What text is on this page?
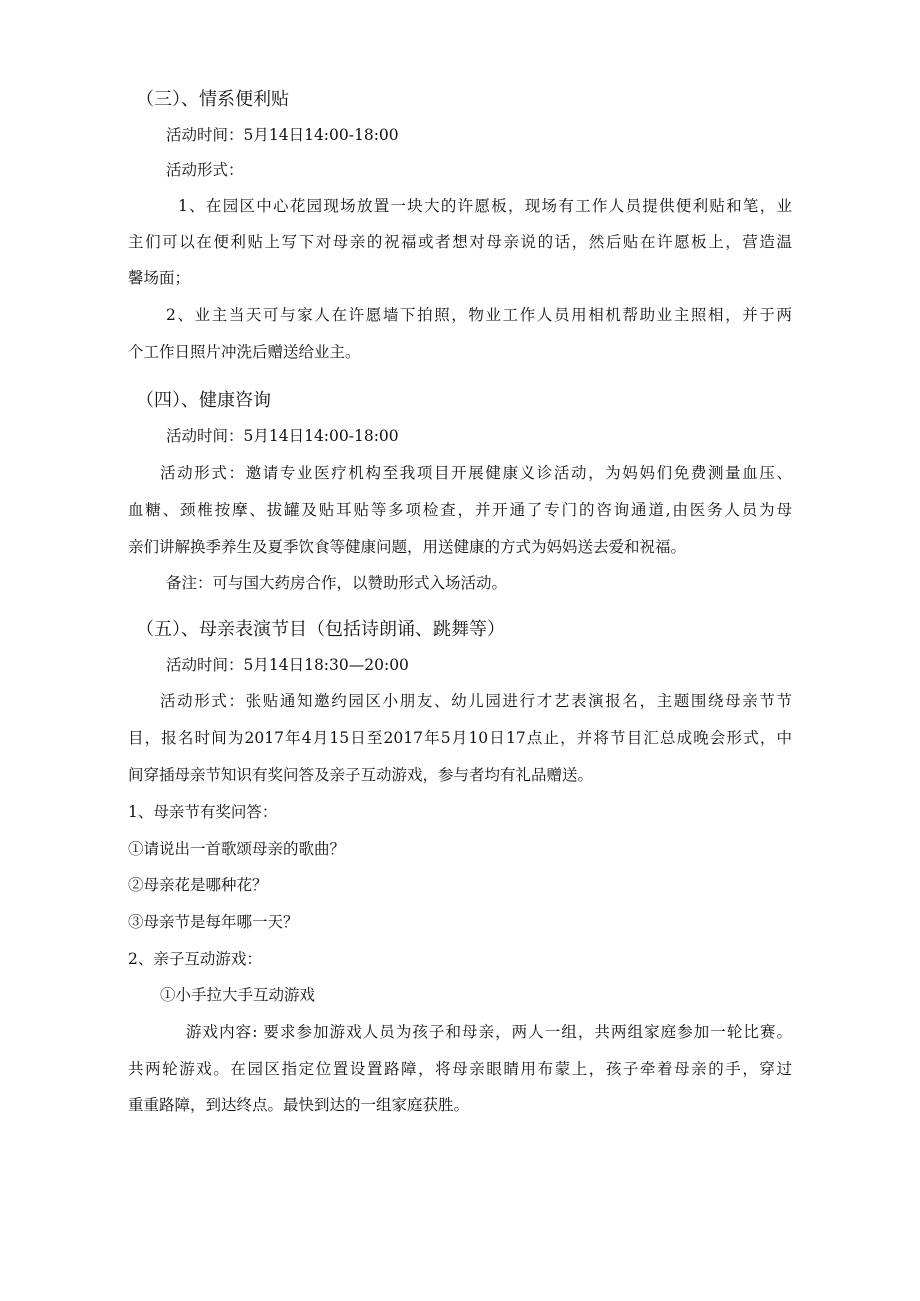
（三）、情系便利贴
活动时间：5月14日14:00-18:00
活动形式：
1、在园区中心花园现场放置一块大的许愿板，现场有工作人员提供便利贴和笔，业
主们可以在便利贴上写下对母亲的祝福或者想对母亲说的话，然后贴在许愿板上，营造温
馨场面；
2、业主当天可与家人在许愿墙下拍照，物业工作人员用相机帮助业主照相，并于两
个工作日照片冲洗后赠送给业主。
（四）、健康咨询
活动时间：5月14日14:00-18:00
活动形式：邀请专业医疗机构至我项目开展健康义诊活动，为妈妈们免费测量血压、
血糖、颈椎按摩、拔罐及贴耳贴等多项检查，并开通了专门的咨询通道,由医务人员为母
亲们讲解换季养生及夏季饮食等健康问题，用送健康的方式为妈妈送去爱和祝福。
备注：可与国大药房合作，以赞助形式入场活动。
（五）、母亲表演节目（包括诗朗诵、跳舞等）
活动时间：5月14日18:30—20:00
活动形式：张贴通知邀约园区小朋友、幼儿园进行才艺表演报名，主题围绕母亲节节
目，报名时间为2017年4月15日至2017年5月10日17点止，并将节目汇总成晚会形式，中
间穿插母亲节知识有奖问答及亲子互动游戏，参与者均有礼品赠送。
1、母亲节有奖问答：
①请说出一首歌颂母亲的歌曲？
②母亲花是哪种花？
③母亲节是每年哪一天？
2、亲子互动游戏：
①小手拉大手互动游戏
游戏内容: 要求参加游戏人员为孩子和母亲，两人一组，共两组家庭参加一轮比赛。
共两轮游戏。在园区指定位置设置路障，将母亲眼睛用布蒙上，孩子牵着母亲的手，穿过
重重路障，到达终点。最快到达的一组家庭获胜。
